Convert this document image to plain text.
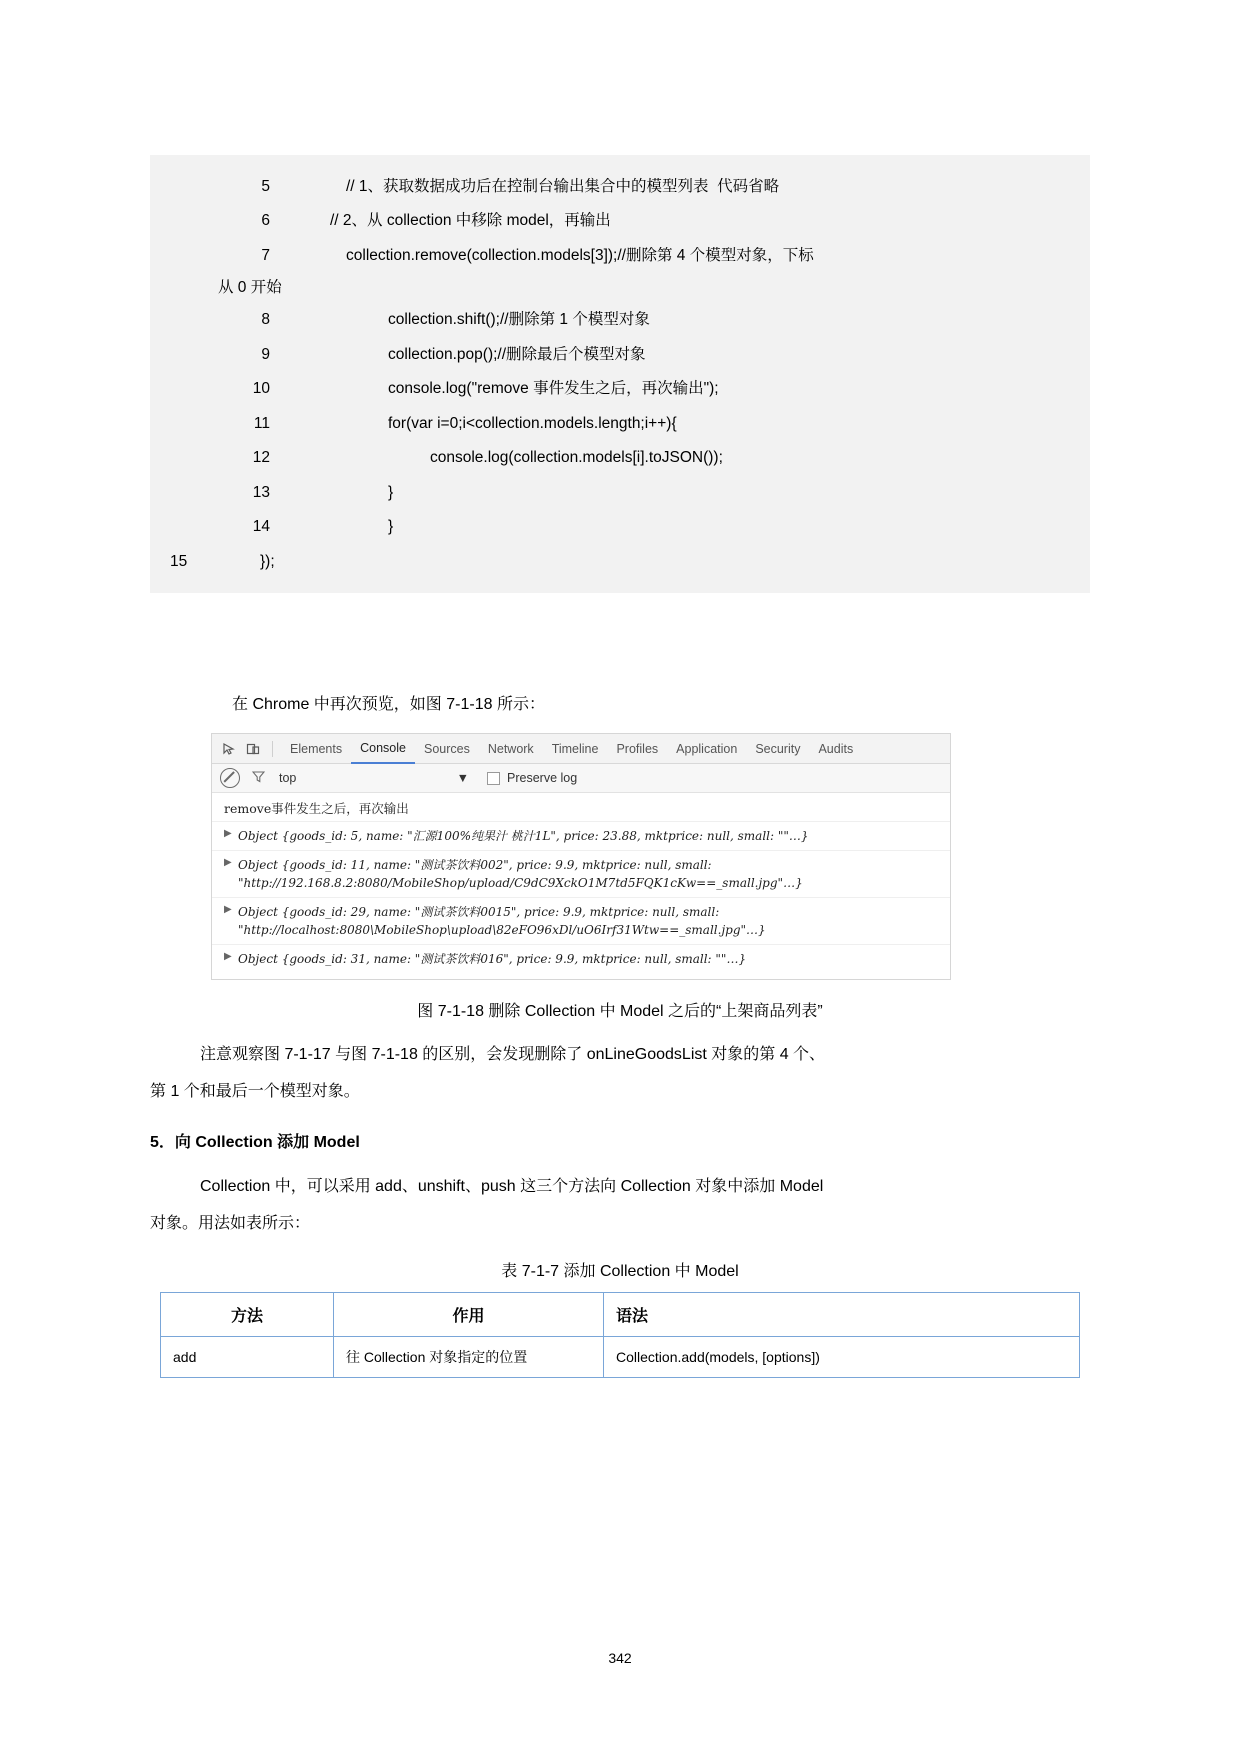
5	// 1、获取数据成功后在控制台输出集合中的模型列表  代码省略
6	// 2、从 collection 中移除 model，再输出
7	collection.remove(collection.models[3]);//删除第 4 个模型对象，下标
从 0 开始
8	collection.shift();//删除第 1 个模型对象
9	collection.pop();//删除最后个模型对象
10	console.log("remove 事件发生之后，再次输出");
11	for(var i=0;i<collection.models.length;i++){
12	console.log(collection.models[i].toJSON());
13	}
14	}
15	});
在 Chrome 中再次预览，如图 7-1-18 所示：
Elements	Console	Sources	Network	Timeline	Profiles	Application	Security	Audits
top	▼	Preserve log
remove事件发生之后，再次输出
▶ Object {goods_id: 5, name: "汇源100%纯果汁 桃汁1L", price: 23.88, mktprice: null, small: ""…}
▶ Object {goods_id: 11, name: "测试茶饮料002", price: 9.9, mktprice: null, small: "http://192.168.8.2:8080/MobileShop/upload/C9dC9XckO1M7td5FQK1cKw==_small.jpg"…}
▶ Object {goods_id: 29, name: "测试茶饮料0015", price: 9.9, mktprice: null, small: "http://localhost:8080\MobileShop\upload\82eFO96xDl/uO6Irf31Wtw==_small.jpg"…}
▶ Object {goods_id: 31, name: "测试茶饮料016", price: 9.9, mktprice: null, small: ""…}
图 7-1-18 删除 Collection 中 Model 之后的“上架商品列表”
注意观察图 7-1-17 与图 7-1-18 的区别，会发现删除了 onLineGoodsList 对象的第 4 个、
第 1 个和最后一个模型对象。
5．向 Collection 添加 Model
Collection 中，可以采用 add、unshift、push 这三个方法向 Collection 对象中添加 Model
对象。用法如表所示：
表 7-1-7 添加 Collection 中 Model
方法	作用	语法
add	往 Collection 对象指定的位置	Collection.add(models, [options])
342
